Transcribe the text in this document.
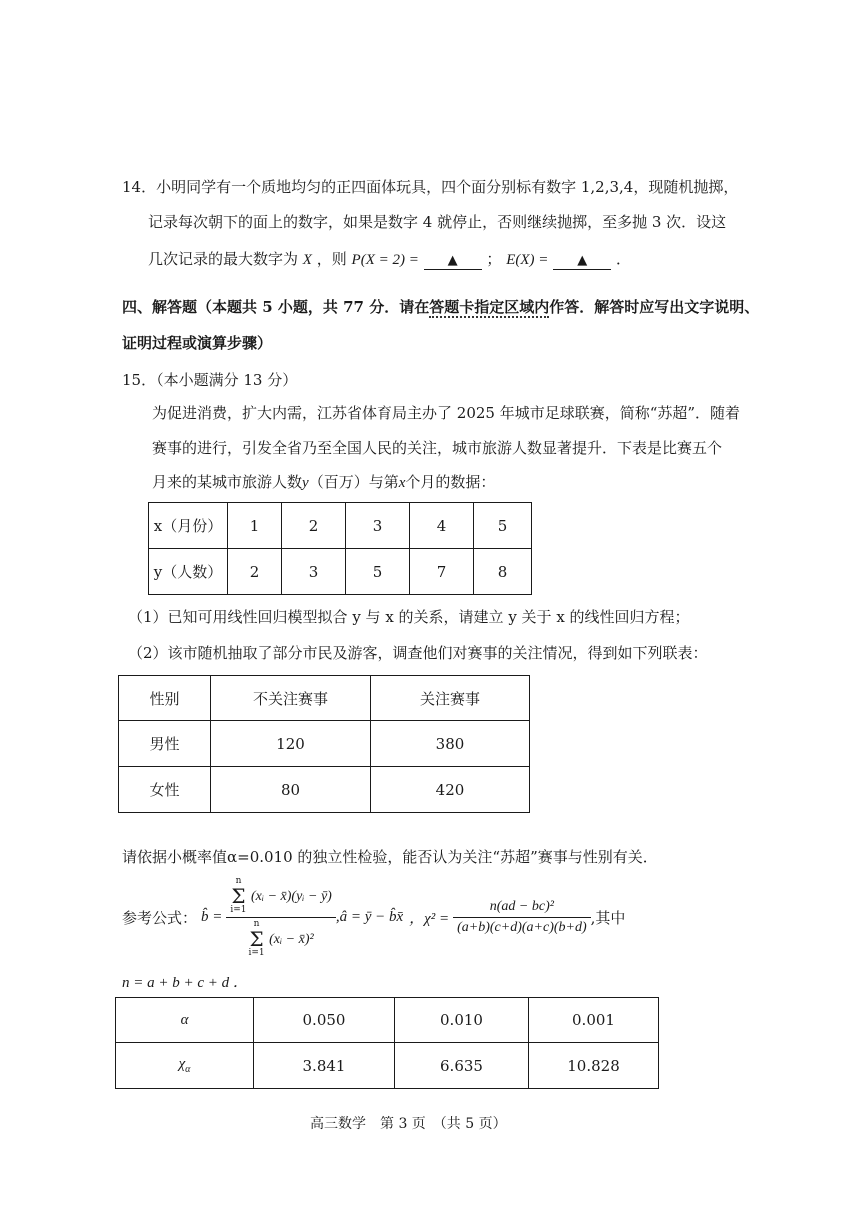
14．小明同学有一个质地均匀的正四面体玩具，四个面分别标有数字 1,2,3,4，现随机抛掷，
记录每次朝下的面上的数字，如果是数字 4 就停止，否则继续抛掷，至多抛 3 次．设这
几次记录的最大数字为 X ，则 P(X = 2) = ▲ ； E(X) = ▲ ．
四、解答题（本题共 5 小题，共 77 分．请在答题卡指定区域内作答．解答时应写出文字说明、
证明过程或演算步骤）
15．（本小题满分 13 分）
为促进消费，扩大内需，江苏省体育局主办了 2025 年城市足球联赛，简称“苏超”．随着
赛事的进行，引发全省乃至全国人民的关注，城市旅游人数显著提升．下表是比赛五个
月来的某城市旅游人数y（百万）与第x个月的数据：
x（月份）	1	2	3	4	5
y（人数）	2	3	5	7	8
（1）已知可用线性回归模型拟合 y 与 x 的关系，请建立 y 关于 x 的线性回归方程；
（2）该市随机抽取了部分市民及游客，调查他们对赛事的关注情况，得到如下列联表：
性别	不关注赛事	关注赛事
男性	120	380
女性	80	420
请依据小概率值α=0.010 的独立性检验，能否认为关注“苏超”赛事与性别有关．
参考公式： b̂ = n
Σ
i=1 (xᵢ − x̄)(yᵢ − ȳ)
n
Σ
i=1 (xᵢ − x̄)² ,â = ȳ − b̂x̄ ，$\chi^2 = \frac{\text{n(ad − bc)²}}{(a+b)(c+d)(a+c)(b+d)}$ ,其中
n = a + b + c + d ．
α	0.050	0.010	0.001
$\chi_\alpha$	3.841	6.635	10.828
高三数学　第 3 页　（共 5 页）
